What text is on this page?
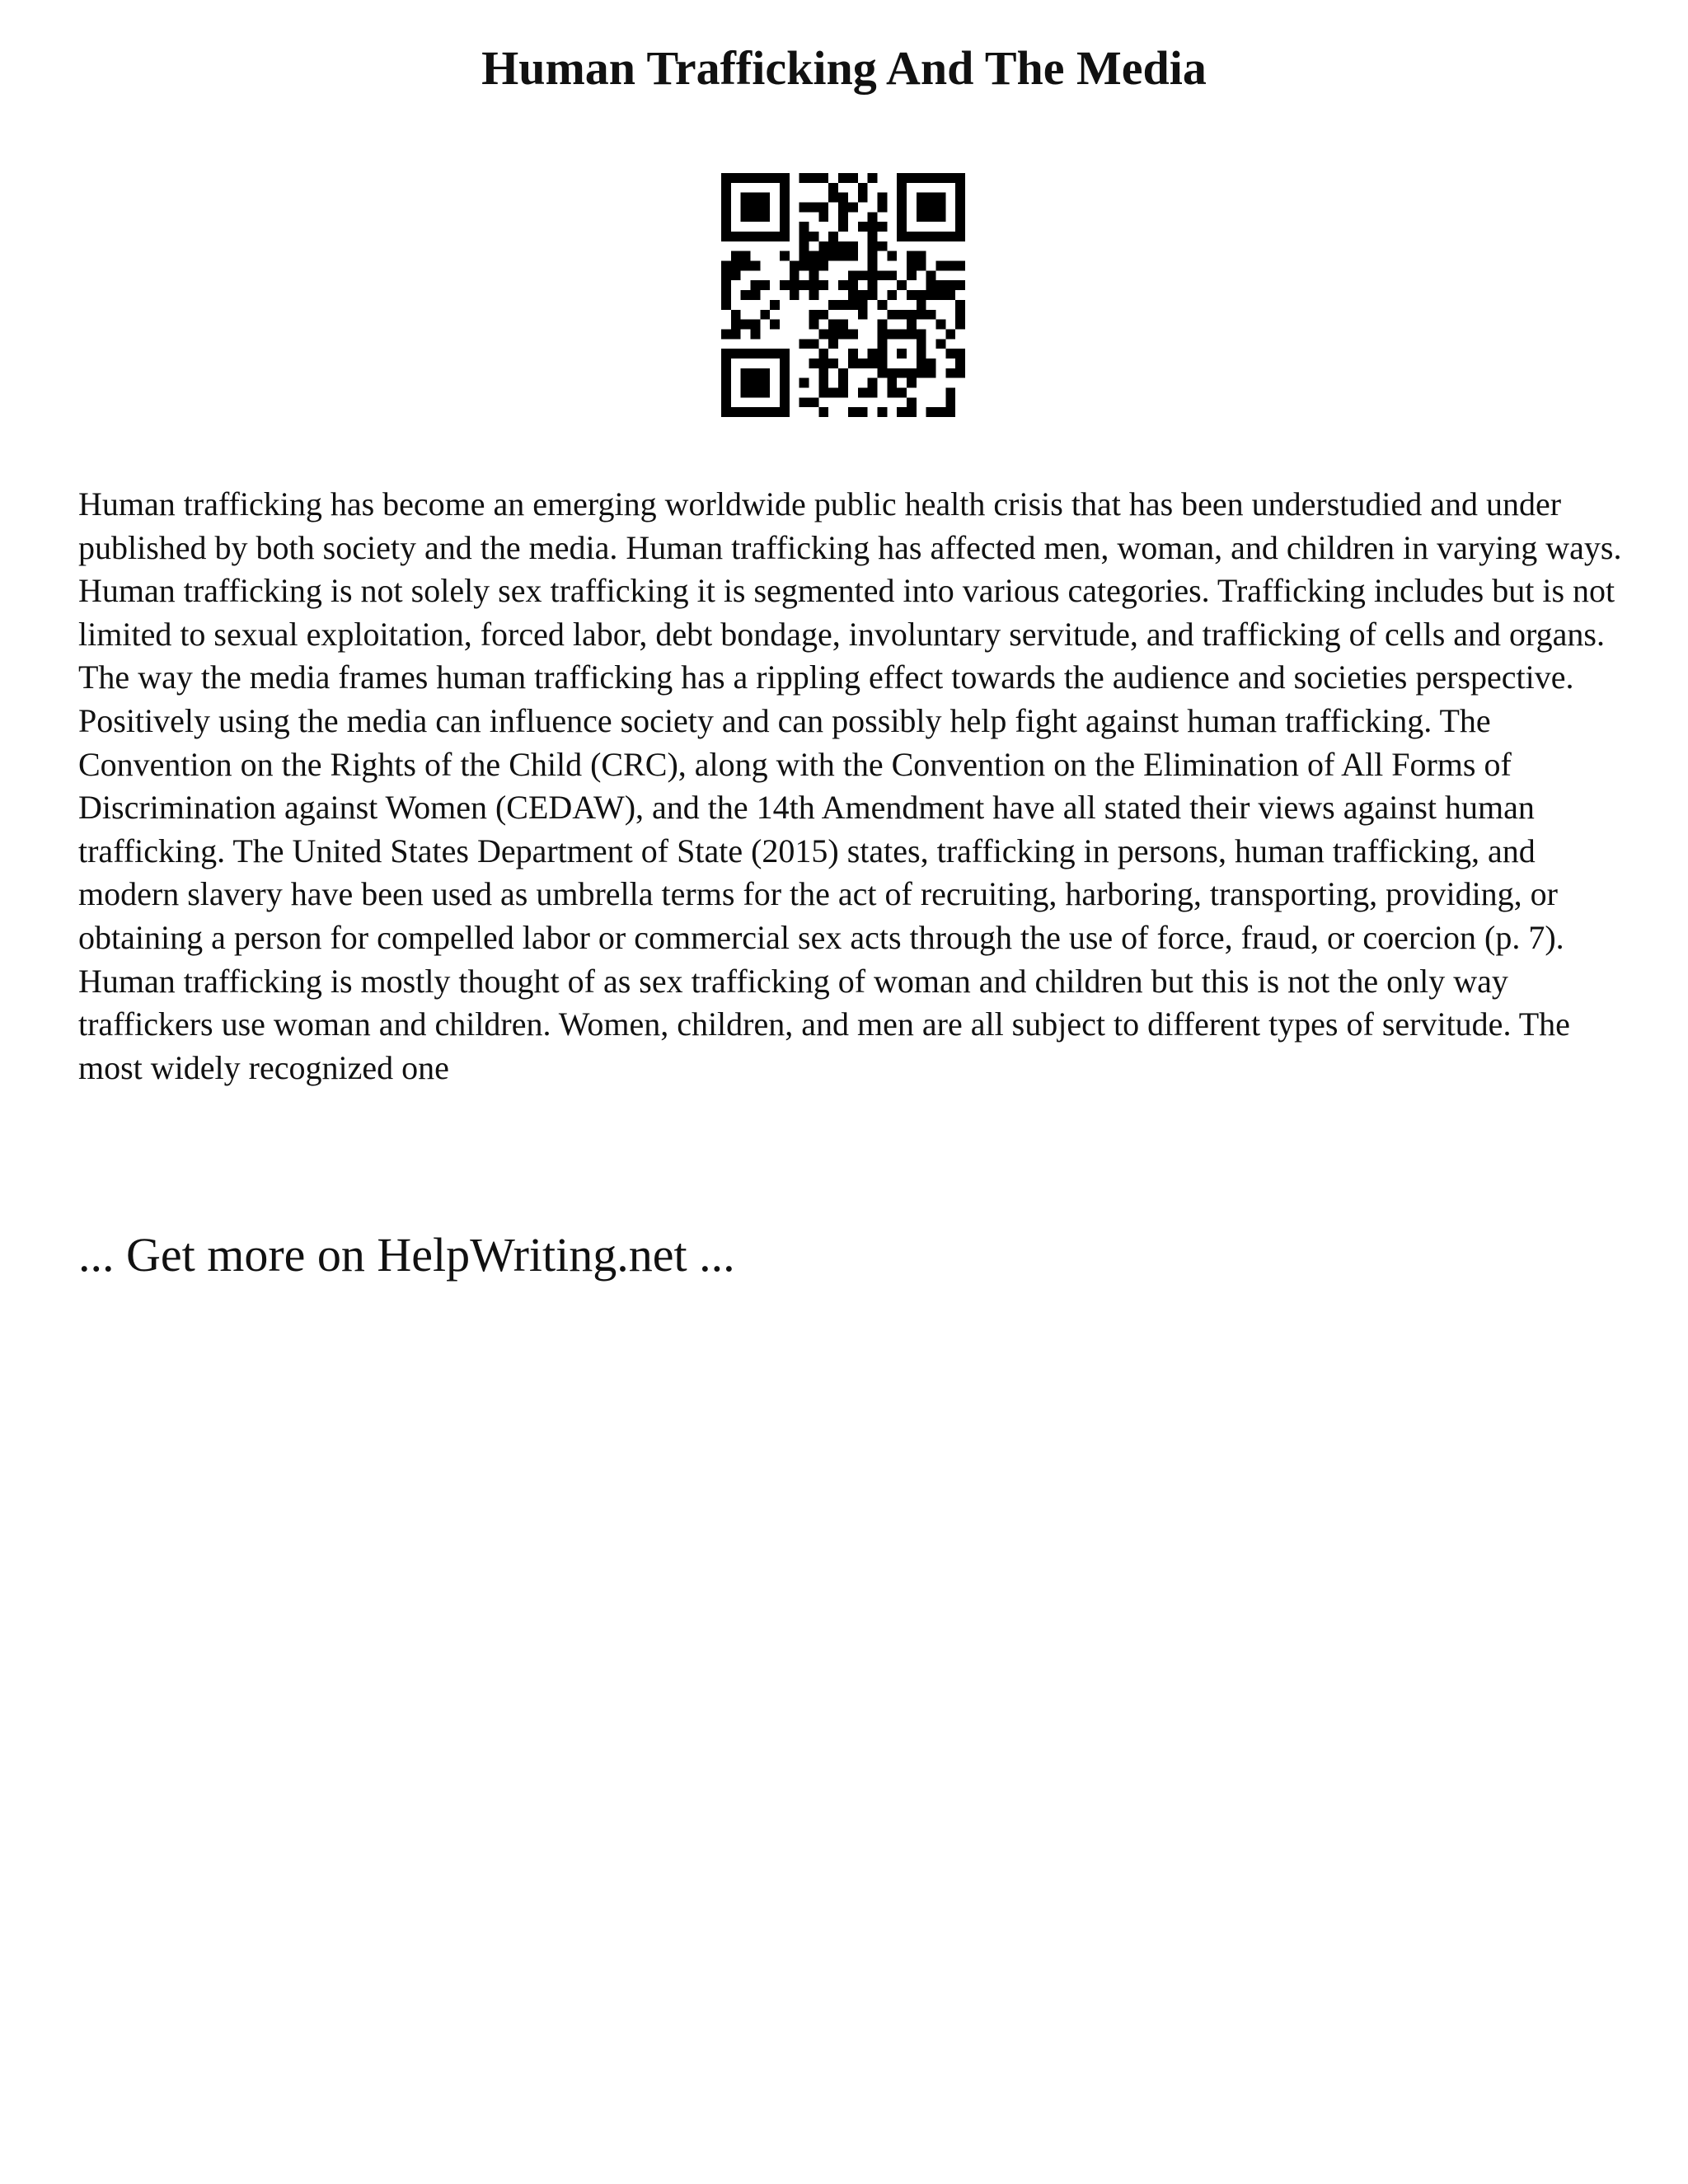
Human Trafficking And The Media

Human trafficking has become an emerging worldwide public health crisis that has been understudied and under published by both society and the media. Human trafficking has affected men, woman, and children in varying ways. Human trafficking is not solely sex trafficking it is segmented into various categories. Trafficking includes but is not limited to sexual exploitation, forced labor, debt bondage, involuntary servitude, and trafficking of cells and organs. The way the media frames human trafficking has a rippling effect towards the audience and societies perspective. Positively using the media can influence society and can possibly help fight against human trafficking. The Convention on the Rights of the Child (CRC), along with the Convention on the Elimination of All Forms of Discrimination against Women (CEDAW), and the 14th Amendment have all stated their views against human trafficking. The United States Department of State (2015) states, trafficking in persons, human trafficking, and modern slavery have been used as umbrella terms for the act of recruiting, harboring, transporting, providing, or obtaining a person for compelled labor or commercial sex acts through the use of force, fraud, or coercion (p. 7). Human trafficking is mostly thought of as sex trafficking of woman and children but this is not the only way traffickers use woman and children. Women, children, and men are all subject to different types of servitude. The most widely recognized one

... Get more on HelpWriting.net ...
